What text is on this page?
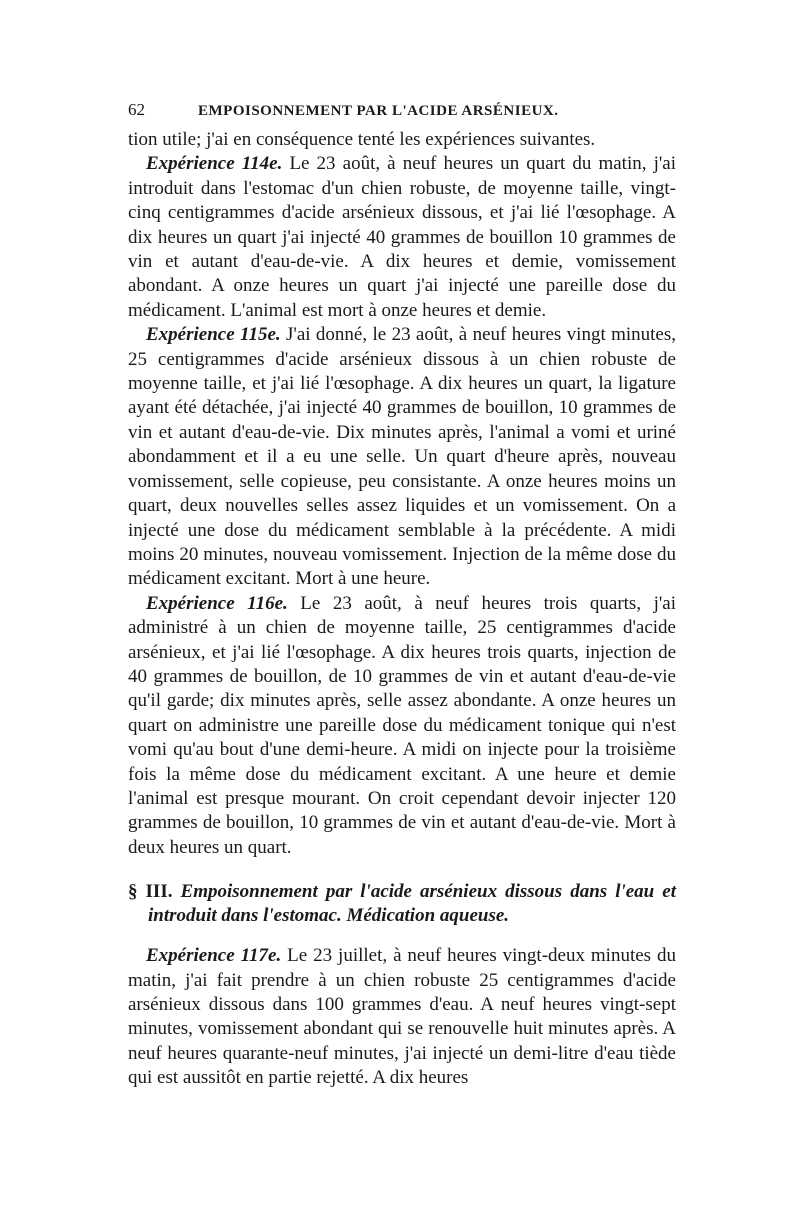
62	EMPOISONNEMENT PAR L'ACIDE ARSÉNIEUX.

tion utile; j'ai en conséquence tenté les expériences suivantes.

Expérience 114e. Le 23 août, à neuf heures un quart du matin, j'ai introduit dans l'estomac d'un chien robuste, de moyenne taille, vingt-cinq centigrammes d'acide arsénieux dissous, et j'ai lié l'œsophage. A dix heures un quart j'ai injecté 40 grammes de bouillon 10 grammes de vin et autant d'eau-de-vie. A dix heures et demie, vomissement abondant. A onze heures un quart j'ai injecté une pareille dose du médicament. L'animal est mort à onze heures et demie.

Expérience 115e. J'ai donné, le 23 août, à neuf heures vingt minutes, 25 centigrammes d'acide arsénieux dissous à un chien robuste de moyenne taille, et j'ai lié l'œsophage. A dix heures un quart, la ligature ayant été détachée, j'ai injecté 40 grammes de bouillon, 10 grammes de vin et autant d'eau-de-vie. Dix minutes après, l'animal a vomi et uriné abondamment et il a eu une selle. Un quart d'heure après, nouveau vomissement, selle copieuse, peu consistante. A onze heures moins un quart, deux nouvelles selles assez liquides et un vomissement. On a injecté une dose du médicament semblable à la précédente. A midi moins 20 minutes, nouveau vomissement. Injection de la même dose du médicament excitant. Mort à une heure.

Expérience 116e. Le 23 août, à neuf heures trois quarts, j'ai administré à un chien de moyenne taille, 25 centigrammes d'acide arsénieux, et j'ai lié l'œsophage. A dix heures trois quarts, injection de 40 grammes de bouillon, de 10 grammes de vin et autant d'eau-de-vie qu'il garde; dix minutes après, selle assez abondante. A onze heures un quart on administre une pareille dose du médicament tonique qui n'est vomi qu'au bout d'une demi-heure. A midi on injecte pour la troisième fois la même dose du médicament excitant. A une heure et demie l'animal est presque mourant. On croit cependant devoir injecter 120 grammes de bouillon, 10 grammes de vin et autant d'eau-de-vie. Mort à deux heures un quart.

§ III. Empoisonnement par l'acide arsénieux dissous dans l'eau et introduit dans l'estomac. Médication aqueuse.

Expérience 117e. Le 23 juillet, à neuf heures vingt-deux minutes du matin, j'ai fait prendre à un chien robuste 25 centigrammes d'acide arsénieux dissous dans 100 grammes d'eau. A neuf heures vingt-sept minutes, vomissement abondant qui se renouvelle huit minutes après. A neuf heures quarante-neuf minutes, j'ai injecté un demi-litre d'eau tiède qui est aussitôt en partie rejetté. A dix heures
